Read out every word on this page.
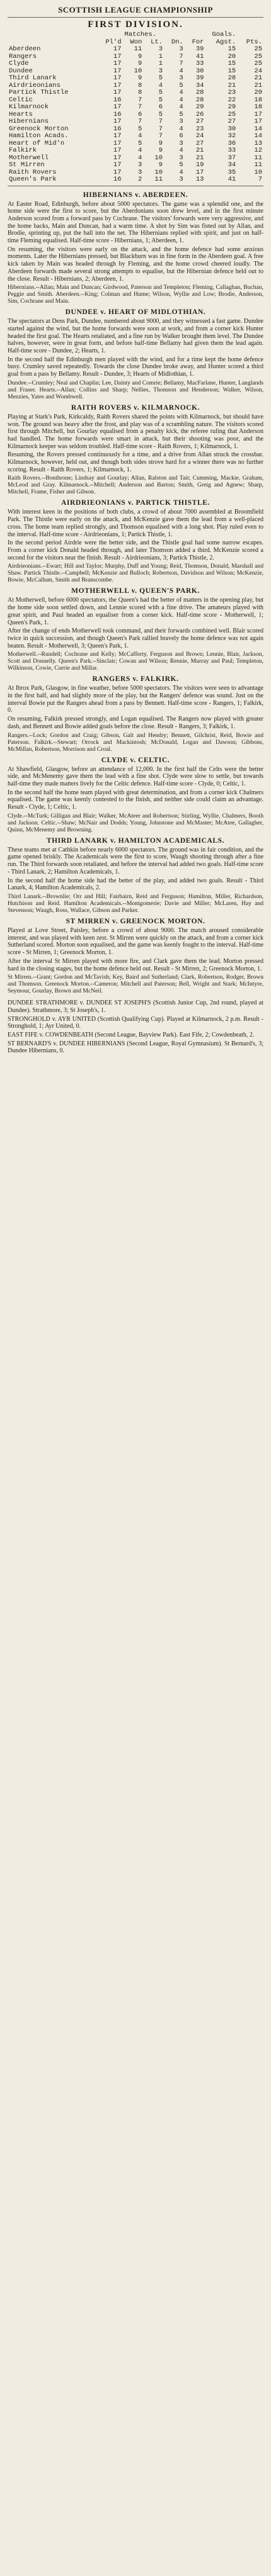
SCOTTISH LEAGUE CHAMPIONSHIP
FIRST DIVISION.
	Matches.				Goals.		
	Pl'd	Won	Lt.	Dn.	For	Agst.	Pts.
Aberdeen	17	11	3	3	39	15	25
Rangers	17	9	1	7	41	20	25
Clyde	17	9	1	7	33	15	25
Dundee	17	10	3	4	30	15	24
Third Lanark	17	9	5	3	39	28	21
Airdrieonians	17	8	4	5	34	21	21
Partick Thistle	17	8	5	4	28	23	20
Celtic	16	7	5	4	28	22	18
Kilmarnock	17	7	6	4	29	29	18
Hearts	16	6	5	5	26	25	17
Hibernians	17	7	7	3	27	27	17
Greenock Morton	16	5	7	4	23	30	14
Hamilton Acads.	17	4	7	6	24	32	14
Heart of Mid'n	17	5	9	3	27	36	13
Falkirk	17	4	9	4	21	33	12
Motherwell	17	4	10	3	21	37	11
St Mirren	17	3	9	5	19	34	11
Raith Rovers	17	3	10	4	17	35	10
Queen's Park	16	2	11	3	13	41	7
HIBERNIANS v. ABERDEEN.

At Easter Road, Edinburgh, before about 5000 spectators. The game was a splendid one, and the home side were the first to score, but the Aberdonians soon drew level, and in the first minute Anderson scored from a forward pass by Cochrane. The visitors' forwards were very aggressive, and the home backs, Main and Duncan, had a warm time. A shot by Sim was fisted out by Allan, and Brodie, sprinting up, put the ball into the net. The Hibernians replied with spirit, and just on half-time Fleming equalised. Half-time score - Hibernians, 1; Aberdeen, 1.

On resuming, the visitors were early on the attack, and the home defence had some anxious moments. Later the Hibernians pressed, but Blackburn was in fine form in the Aberdeen goal. A free kick taken by Main was headed through by Fleming, and the home crowd cheered loudly. The Aberdeen forwards made several strong attempts to equalise, but the Hibernian defence held out to the close. Result - Hibernians, 2; Aberdeen, 1.

Hibernians.--Allan; Main and Duncan; Girdwood, Paterson and Templeton; Fleming, Callaghan, Buchan, Peggie and Smith. Aberdeen.--King; Colman and Hume; Wilson, Wyllie and Low; Brodie, Anderson, Sim, Cochrane and Main.

DUNDEE v. HEART OF MIDLOTHIAN.

The spectators at Dens Park, Dundee, numbered about 9000, and they witnessed a fast game. Dundee started against the wind, but the home forwards were soon at work, and from a corner kick Hunter headed the first goal. The Hearts retaliated, and a fine run by Walker brought them level. The Dundee halves, however, were in great form, and before half-time Bellamy had given them the lead again. Half-time score - Dundee, 2; Hearts, 1.

In the second half the Edinburgh men played with the wind, and for a time kept the home defence busy. Crumley saved repeatedly. Towards the close Dundee broke away, and Hunter scored a third goal from a pass by Bellamy. Result - Dundee, 3; Hearts of Midlothian, 1.

Dundee.--Crumley; Neal and Chaplin; Lee, Dainty and Comrie; Bellamy, MacFarlane, Hunter, Langlands and Fraser. Hearts.--Allan; Collins and Sharp; Nellies, Thomson and Henderson; Walker, Wilson, Menzies, Yates and Wombwell.

RAITH ROVERS v. KILMARNOCK.

Playing at Stark's Park, Kirkcaldy, Raith Rovers shared the points with Kilmarnock, but should have won. The ground was heavy after the frost, and play was of a scrambling nature. The visitors scored first through Mitchell, but Gourlay equalised from a penalty kick, the referee ruling that Anderson had handled. The home forwards were smart in attack, but their shooting was poor, and the Kilmarnock keeper was seldom troubled. Half-time score - Raith Rovers, 1; Kilmarnock, 1.

Resuming, the Rovers pressed continuously for a time, and a drive from Allan struck the crossbar. Kilmarnock, however, held out, and though both sides strove hard for a winner there was no further scoring. Result - Raith Rovers, 1; Kilmarnock, 1.

Raith Rovers.--Bonthrone; Lindsay and Gourlay; Allan, Ralston and Tait; Cumming, Mackie, Graham, McLeod and Gray. Kilmarnock.--Mitchell; Anderson and Barton; Smith, Greig and Agnew; Sharp, Mitchell, Frame, Fisher and Gibson.

AIRDRIEONIANS v. PARTICK THISTLE.

With interest keen in the positions of both clubs, a crowd of about 7000 assembled at Broomfield Park. The Thistle were early on the attack, and McKenzie gave them the lead from a well-placed cross. The home team replied strongly, and Thomson equalised with a long shot. Play ruled even to the interval. Half-time score - Airdrieonians, 1; Partick Thistle, 1.

In the second period Airdrie were the better side, and the Thistle goal had some narrow escapes. From a corner kick Donald headed through, and later Thomson added a third. McKenzie scored a second for the visitors near the finish. Result - Airdrieonians, 3; Partick Thistle, 2.

Airdrieonians.--Ewart; Hill and Taylor; Murphy, Duff and Young; Reid, Thomson, Donald, Marshall and Shaw. Partick Thistle.--Campbell; McKenzie and Bulloch; Robertson, Davidson and Wilson; McKenzie, Bowie, McCallum, Smith and Branscombe.

MOTHERWELL v. QUEEN'S PARK.

At Motherwell, before 6000 spectators, the Queen's had the better of matters in the opening play, but the home side soon settled down, and Lennie scored with a fine drive. The amateurs played with great spirit, and Paul headed an equaliser from a corner kick. Half-time score - Motherwell, 1; Queen's Park, 1.

After the change of ends Motherwell took command, and their forwards combined well. Blair scored twice in quick succession, and though Queen's Park rallied bravely the home defence was not again beaten. Result - Motherwell, 3; Queen's Park, 1.

Motherwell.--Rundell; Cochrane and Kelly; McCafferty, Ferguson and Brown; Lennie, Blair, Jackson, Scott and Donnelly. Queen's Park.--Sinclair; Cowan and Wilson; Rennie, Murray and Paul; Templeton, Wilkinson, Cowie, Currie and Millar.

RANGERS v. FALKIRK.

At Ibrox Park, Glasgow, in fine weather, before 5000 spectators. The visitors were seen to advantage in the first half, and had slightly more of the play, but the Rangers' defence was sound. Just on the interval Bowie put the Rangers ahead from a pass by Bennett. Half-time score - Rangers, 1; Falkirk, 0.

On resuming, Falkirk pressed strongly, and Logan equalised. The Rangers now played with greater dash, and Bennett and Bowie added goals before the close. Result - Rangers, 3; Falkirk, 1.

Rangers.--Lock; Gordon and Craig; Gibson, Galt and Hendry; Bennett, Gilchrist, Reid, Bowie and Paterson. Falkirk.--Stewart; Orrock and Mackintosh; McDonald, Logan and Dawson; Gibbons, McMillan, Robertson, Morrison and Croal.

CLYDE v. CELTIC.

At Shawfield, Glasgow, before an attendance of 12,000. In the first half the Celts were the better side, and McMenemy gave them the lead with a fine shot. Clyde were slow to settle, but towards half-time they made matters lively for the Celtic defence. Half-time score - Clyde, 0; Celtic, 1.

In the second half the home team played with great determination, and from a corner kick Chalmers equalised. The game was keenly contested to the finish, and neither side could claim an advantage. Result - Clyde, 1; Celtic, 1.

Clyde.--McTurk; Gilligan and Blair; Walker, McAteer and Robertson; Stirling, Wyllie, Chalmers, Booth and Jackson. Celtic.--Shaw; McNair and Dodds; Young, Johnstone and McMaster; McAtee, Gallagher, Quinn, McMenemy and Browning.

THIRD LANARK v. HAMILTON ACADEMICALS.

These teams met at Cathkin before nearly 6000 spectators. The ground was in fair condition, and the game opened briskly. The Academicals were the first to score, Waugh shooting through after a fine run. The Third forwards soon retaliated, and before the interval had added two goals. Half-time score - Third Lanark, 2; Hamilton Academicals, 1.

In the second half the home side had the better of the play, and added two goals. Result - Third Lanark, 4; Hamilton Academicals, 2.

Third Lanark.--Brownlie; Orr and Hill; Fairbairn, Reid and Ferguson; Hamilton, Miller, Richardson, Hutchison and Reid. Hamilton Academicals.--Montgomerie; Davie and Miller; McLaren, Hay and Stevenson; Waugh, Ross, Wallace, Gibson and Parker.

ST MIRREN v. GREENOCK MORTON.

Played at Love Street, Paisley, before a crowd of about 9000. The match aroused considerable interest, and was played with keen zest. St Mirren were quickly on the attack, and from a corner kick Sutherland scored. Morton soon equalised, and the game was keenly fought to the interval. Half-time score - St Mirren, 1; Greenock Morton, 1.

After the interval St Mirren played with more fire, and Clark gave them the lead. Morton pressed hard in the closing stages, but the home defence held out. Result - St Mirren, 2; Greenock Morton, 1.

St Mirren.--Grant; Gordon and McTavish; Key, Baird and Sutherland; Clark, Robertson, Rodger, Brown and Thomson. Greenock Morton.--Cameron; Mitchell and Paterson; Bell, Wright and Stark; McIntyre, Seymour, Gourlay, Brown and McNeil.

DUNDEE STRATHMORE v. DUNDEE ST JOSEPH'S (Scottish Junior Cup, 2nd round, played at Dundee). Strathmore, 3; St Joseph's, 1.

STRONGHOLD v. AYR UNITED (Scottish Qualifying Cup). Played at Kilmarnock, 2 p.m. Result - Stronghold, 1; Ayr United, 0.

EAST FIFE v. COWDENBEATH (Second League, Bayview Park). East Fife, 2; Cowdenbeath, 2.

ST BERNARD'S v. DUNDEE HIBERNIANS (Second League, Royal Gymnasium). St Bernard's, 3; Dundee Hibernians, 0.
